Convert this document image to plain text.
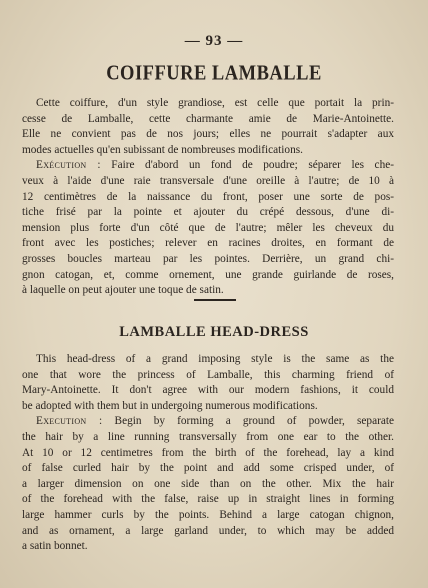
— 93 —
COIFFURE LAMBALLE
Cette coiffure, d'un style grandiose, est celle que portait la prin-
cesse de Lamballe, cette charmante amie de Marie-Antoinette.
Elle ne convient pas de nos jours; elles ne pourrait s'adapter aux
modes actuelles qu'en subissant de nombreuses modifications.
Exécution : Faire d'abord un fond de poudre; séparer les che-
veux à l'aide d'une raie transversale d'une oreille à l'autre; de 10 à
12 centimètres de la naissance du front, poser une sorte de pos-
tiche frisé par la pointe et ajouter du crépé dessous, d'une di-
mension plus forte d'un côté que de l'autre; mêler les cheveux du
front avec les postiches; relever en racines droites, en formant de
grosses boucles marteau par les pointes. Derrière, un grand chi-
gnon catogan, et, comme ornement, une grande guirlande de roses,
à laquelle on peut ajouter une toque de satin.
LAMBALLE HEAD-DRESS
This head-dress of a grand imposing style is the same as the
one that wore the princess of Lamballe, this charming friend of
Mary-Antoinette. It don't agree with our modern fashions, it could
be adopted with them but in undergoing numerous modifications.
Execution : Begin by forming a ground of powder, separate
the hair by a line running transversally from one ear to the other.
At 10 or 12 centimetres from the birth of the forehead, lay a kind
of false curled hair by the point and add some crisped under, of
a larger dimension on one side than on the other. Mix the hair
of the forehead with the false, raise up in straight lines in forming
large hammer curls by the points. Behind a large catogan chignon,
and as ornament, a large garland under, to which may be added
a satin bonnet.
